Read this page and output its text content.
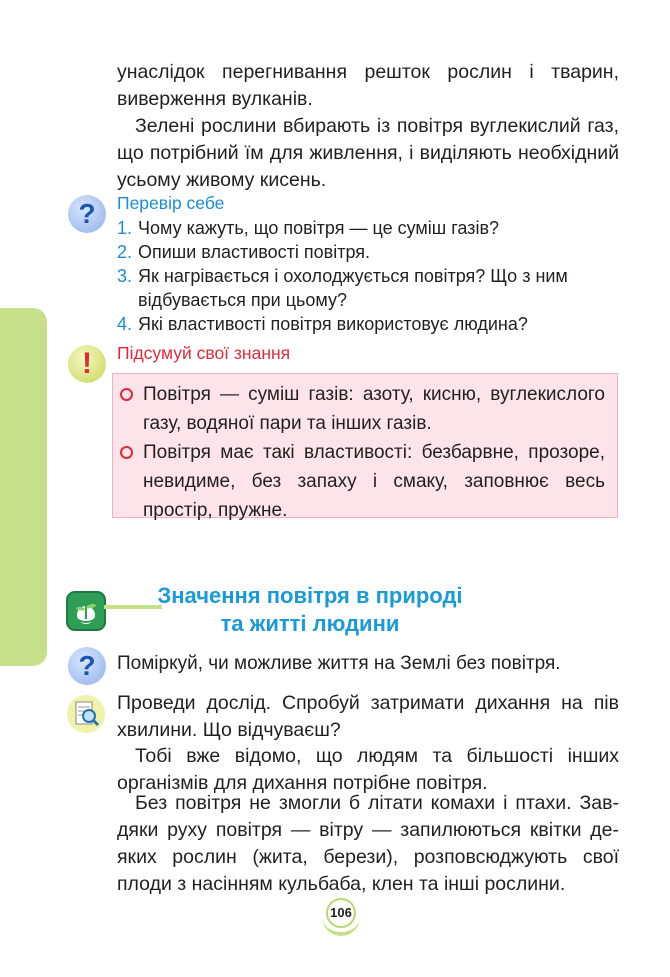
унаслідок перегнивання решток рослин і тварин, виверження вулканів.

Зелені рослини вбирають із повітря вуглекислий газ, що потрібний їм для живлення, і виділяють необхідний усьому живому кисень.

?	Перевір себе

1. Чому кажуть, що повітря — це суміш газів?
2. Опиши властивості повітря.
3. Як нагрівається і охолоджується повітря? Що з ним відбувається при цьому?
4. Які властивості повітря використовує людина?
!	Підсумуй свої знання

Повітря — суміш газів: азоту, кисню, вуглекислого газу, водяної пари та інших газів.
Повітря має такі властивості: безбарвне, прозоре, невидиме, без запаху і смаку, заповнює весь простір, пружне.

Значення повітря в природі
та житті людини

?	Поміркуй, чи можливе життя на Землі без повітря.

Проведи дослід. Спробуй затримати дихання на пів хвилини. Що відчуваєш?

Тобі вже відомо, що людям та більшості інших організмів для дихання потрібне повітря.

Без повітря не змогли б літати комахи і птахи. Завдяки руху повітря — вітру — запилюються квітки деяких рослин (жита, берези), розповсюджують свої плоди з насінням кульбаба, клен та інші рослини.

106
